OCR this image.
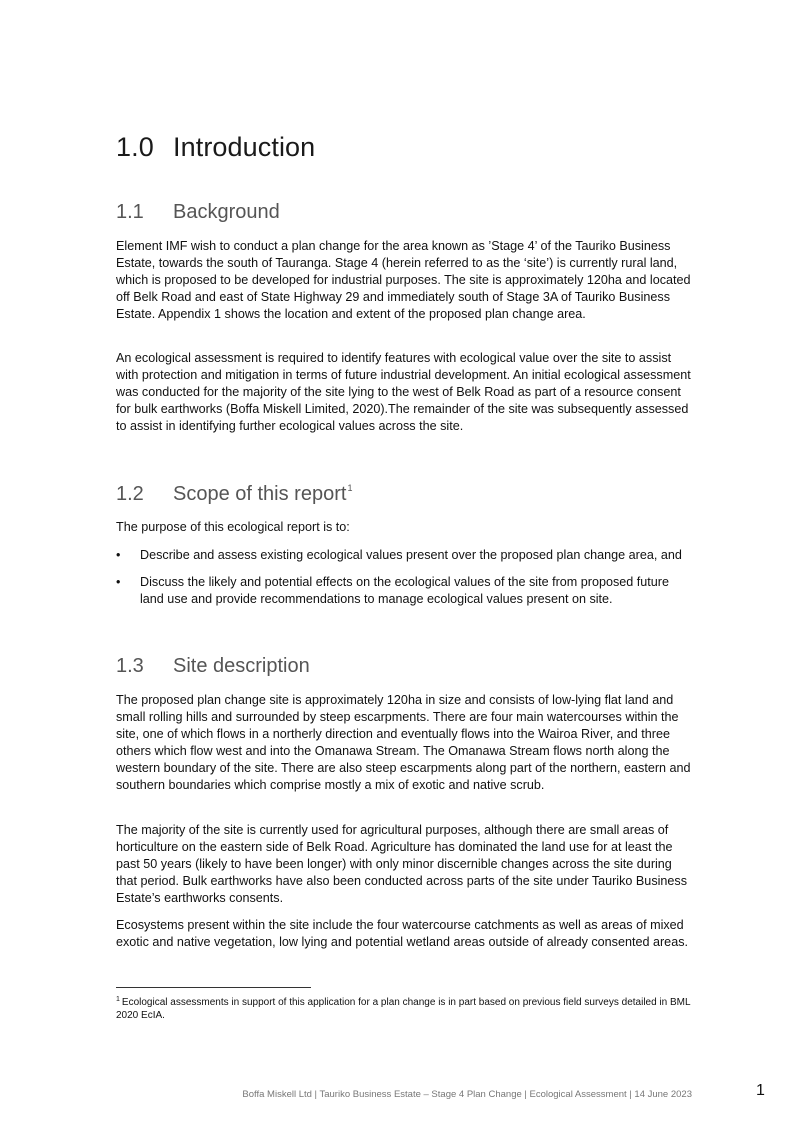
1.0 Introduction
1.1 Background

Element IMF wish to conduct a plan change for the area known as ’Stage 4’ of the Tauriko Business Estate, towards the south of Tauranga. Stage 4 (herein referred to as the ‘site’) is currently rural land, which is proposed to be developed for industrial purposes. The site is approximately 120ha and located off Belk Road and east of State Highway 29 and immediately south of Stage 3A of Tauriko Business Estate. Appendix 1 shows the location and extent of the proposed plan change area.

An ecological assessment is required to identify features with ecological value over the site to assist with protection and mitigation in terms of future industrial development. An initial ecological assessment was conducted for the majority of the site lying to the west of Belk Road as part of a resource consent for bulk earthworks (Boffa Miskell Limited, 2020).The remainder of the site was subsequently assessed to assist in identifying further ecological values across the site.

1.2 Scope of this report$^1$

The purpose of this ecological report is to:

• Describe and assess existing ecological values present over the proposed plan change area, and
• Discuss the likely and potential effects on the ecological values of the site from proposed future land use and provide recommendations to manage ecological values present on site.
1.3 Site description

The proposed plan change site is approximately 120ha in size and consists of low-lying flat land and small rolling hills and surrounded by steep escarpments. There are four main watercourses within the site, one of which flows in a northerly direction and eventually flows into the Wairoa River, and three others which flow west and into the Omanawa Stream. The Omanawa Stream flows north along the western boundary of the site. There are also steep escarpments along part of the northern, eastern and southern boundaries which comprise mostly a mix of exotic and native scrub.

The majority of the site is currently used for agricultural purposes, although there are small areas of horticulture on the eastern side of Belk Road. Agriculture has dominated the land use for at least the past 50 years (likely to have been longer) with only minor discernible changes across the site during that period. Bulk earthworks have also been conducted across parts of the site under Tauriko Business Estate’s earthworks consents.

Ecosystems present within the site include the four watercourse catchments as well as areas of mixed exotic and native vegetation, low lying and potential wetland areas outside of already consented areas.

$^1$ Ecological assessments in support of this application for a plan change is in part based on previous field surveys detailed in BML 2020 EcIA.

Boffa Miskell Ltd | Tauriko Business Estate – Stage 4 Plan Change | Ecological Assessment | 14 June 2023	1
